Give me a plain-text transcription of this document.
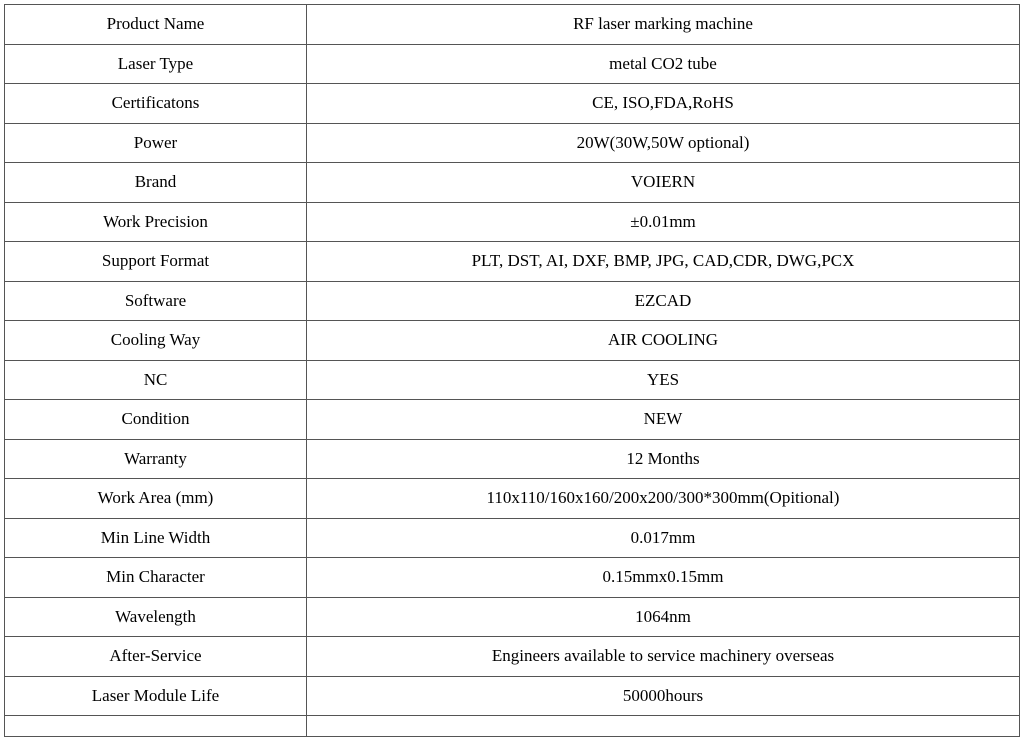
Product Name	RF laser marking machine
Laser Type	metal CO2 tube
Certificatons	CE, ISO,FDA,RoHS
Power	20W(30W,50W optional)
Brand	VOIERN
Work Precision	±0.01mm
Support Format	PLT, DST, AI, DXF, BMP, JPG, CAD,CDR, DWG,PCX
Software	EZCAD
Cooling Way	AIR COOLING
NC	YES
Condition	NEW
Warranty	12 Months
Work Area (mm)	110x110/160x160/200x200/300*300mm(Opitional)
Min Line Width	0.017mm
Min Character	0.15mmx0.15mm
Wavelength	1064nm
After-Service	Engineers available to service machinery overseas
Laser Module Life	50000hours
